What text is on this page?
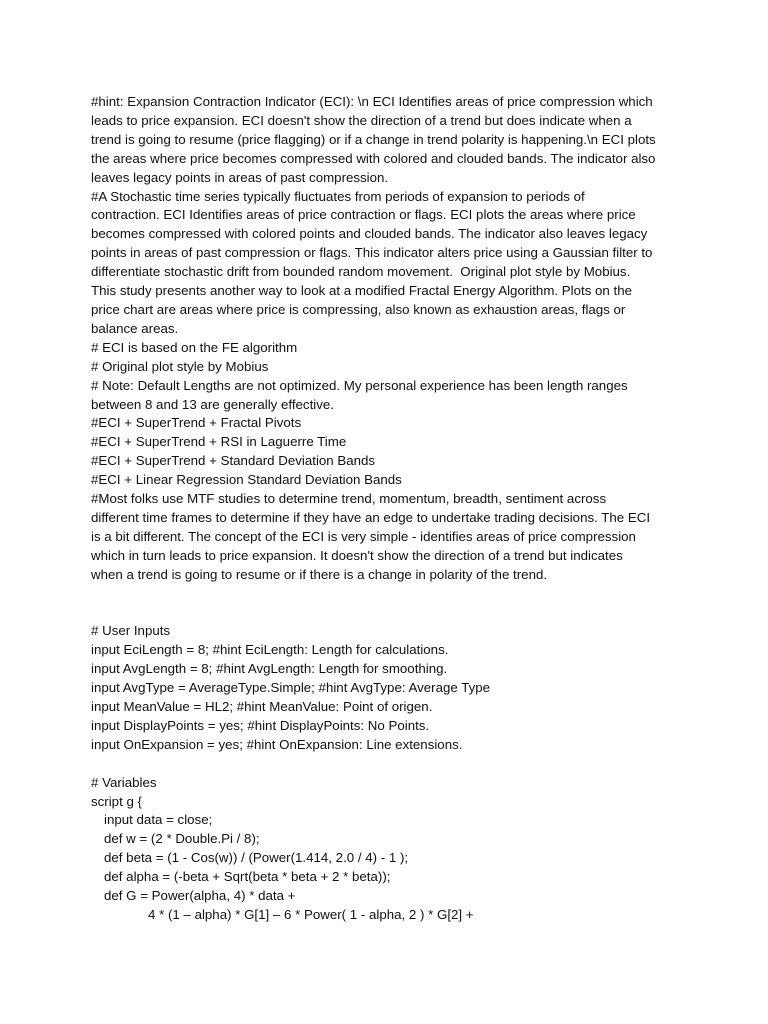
#hint: Expansion Contraction Indicator (ECI): \n ECI Identifies areas of price compression which
leads to price expansion. ECI doesn't show the direction of a trend but does indicate when a
trend is going to resume (price flagging) or if a change in trend polarity is happening.\n ECI plots
the areas where price becomes compressed with colored and clouded bands. The indicator also
leaves legacy points in areas of past compression.
#A Stochastic time series typically fluctuates from periods of expansion to periods of
contraction. ECI Identifies areas of price contraction or flags. ECI plots the areas where price
becomes compressed with colored points and clouded bands. The indicator also leaves legacy
points in areas of past compression or flags. This indicator alters price using a Gaussian filter to
differentiate stochastic drift from bounded random movement.  Original plot style by Mobius.
This study presents another way to look at a modified Fractal Energy Algorithm. Plots on the
price chart are areas where price is compressing, also known as exhaustion areas, flags or
balance areas.
# ECI is based on the FE algorithm
# Original plot style by Mobius
# Note: Default Lengths are not optimized. My personal experience has been length ranges
between 8 and 13 are generally effective.
#ECI + SuperTrend + Fractal Pivots
#ECI + SuperTrend + RSI in Laguerre Time
#ECI + SuperTrend + Standard Deviation Bands
#ECI + Linear Regression Standard Deviation Bands
#Most folks use MTF studies to determine trend, momentum, breadth, sentiment across
different time frames to determine if they have an edge to undertake trading decisions. The ECI
is a bit different. The concept of the ECI is very simple - identifies areas of price compression
which in turn leads to price expansion. It doesn't show the direction of a trend but indicates
when a trend is going to resume or if there is a change in polarity of the trend.
# User Inputs
input EciLength = 8; #hint EciLength: Length for calculations.
input AvgLength = 8; #hint AvgLength: Length for smoothing.
input AvgType = AverageType.Simple; #hint AvgType: Average Type
input MeanValue = HL2; #hint MeanValue: Point of origen.
input DisplayPoints = yes; #hint DisplayPoints: No Points.
input OnExpansion = yes; #hint OnExpansion: Line extensions.
# Variables
script g {
input data = close;
def w = (2 * Double.Pi / 8);
def beta = (1 - Cos(w)) / (Power(1.414, 2.0 / 4) - 1 );
def alpha = (-beta + Sqrt(beta * beta + 2 * beta));
def G = Power(alpha, 4) * data +
4 * (1 – alpha) * G[1] – 6 * Power( 1 - alpha, 2 ) * G[2] +
